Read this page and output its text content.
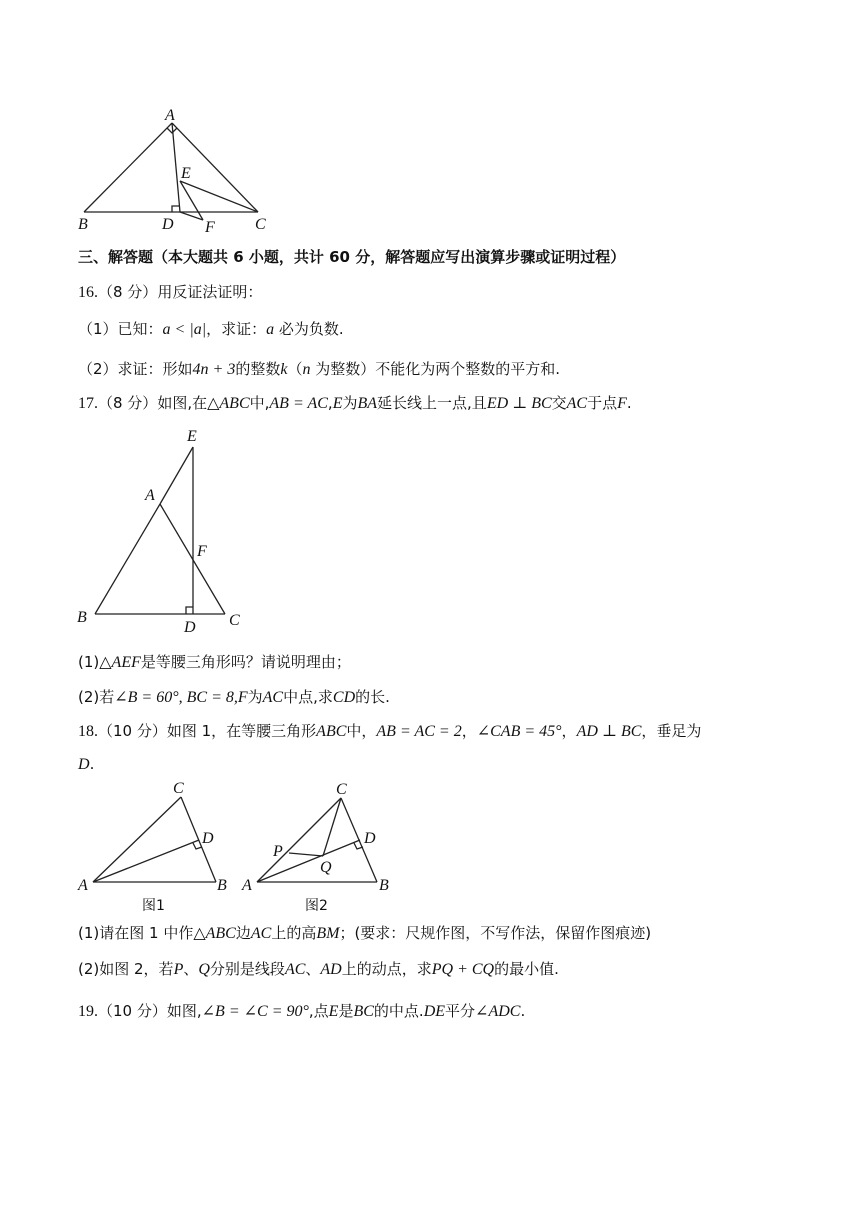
A
E
B	D F	C
三、解答题（本大题共 6 小题，共计 60 分，解答题应写出演算步骤或证明过程）
16.（8 分）用反证法证明：
（1）已知：a < |a|，求证：a 必为负数.
（2）求证：形如4n + 3的整数k（n 为整数）不能化为两个整数的平方和.
17.（8 分）如图,在△ABC中,AB = AC,E为BA延长线上一点,且ED ⊥ BC交AC于点F.
E
A
F
B
D C
(1)△AEF是等腰三角形吗？请说明理由；
(2)若∠B = 60°, BC = 8,F为AC中点,求CD的长.
18.（10 分）如图 1，在等腰三角形ABC中，AB = AC = 2，∠CAB = 45°，AD ⊥ BC，垂足为
D.
C
D
A	B
图1
C
D
P
Q
A	B
图2
(1)请在图 1 中作△ABC边AC上的高BM；(要求：尺规作图，不写作法，保留作图痕迹)
(2)如图 2，若P、Q分别是线段AC、AD上的动点，求PQ + CQ的最小值.
19.（10 分）如图,∠B = ∠C = 90°,点E是BC的中点.DE平分∠ADC.
